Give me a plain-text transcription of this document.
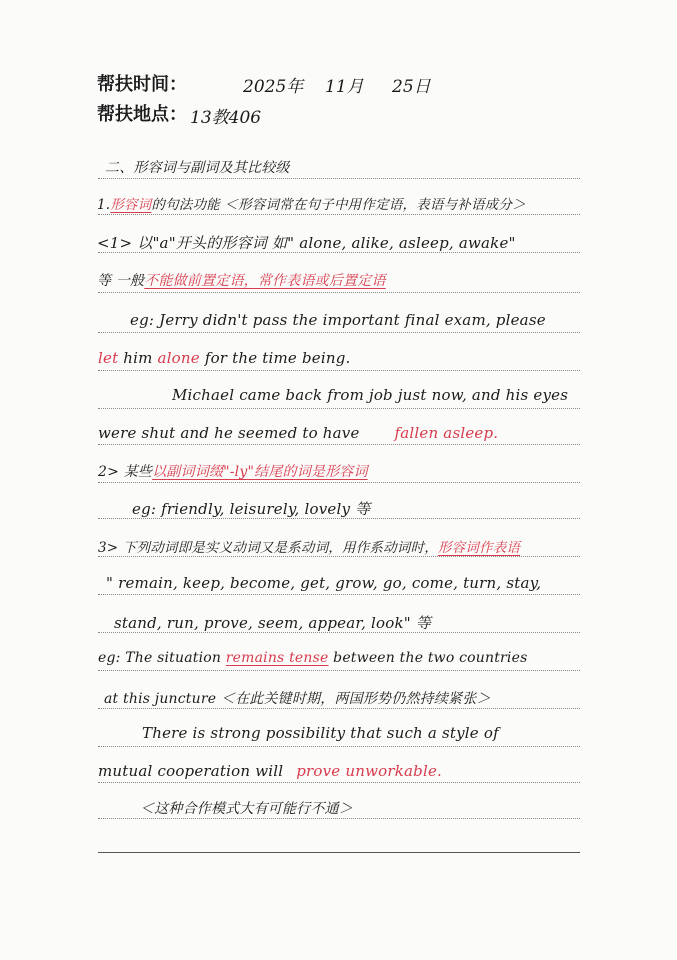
帮扶时间：	2025年 11月 25日
帮扶地点： 13教406
二、形容词与副词及其比较级
1.形容词的句法功能 ＜形容词常在句子中用作定语，表语与补语成分＞
<1> 以"a"开头的形容词 如" alone, alike, asleep, awake"
等 一般不能做前置定语，常作表语或后置定语
eg: Jerry didn't pass the important final exam, please
let him alone for the time being.
Michael came back from job just now, and his eyes
were shut and he seemed to have fallen asleep.
2> 某些以副词词缀"-ly"结尾的词是形容词
eg: friendly, leisurely, lovely 等
3> 下列动词即是实义动词又是系动词，用作系动词时，形容词作表语
" remain, keep, become, get, grow, go, come, turn, stay,
stand, run, prove, seem, appear, look" 等
eg: The situation remains tense between the two countries
at this juncture ＜在此关键时期，两国形势仍然持续紧张＞
There is strong possibility that such a style of
mutual cooperation will prove unworkable.
＜这种合作模式大有可能行不通＞
